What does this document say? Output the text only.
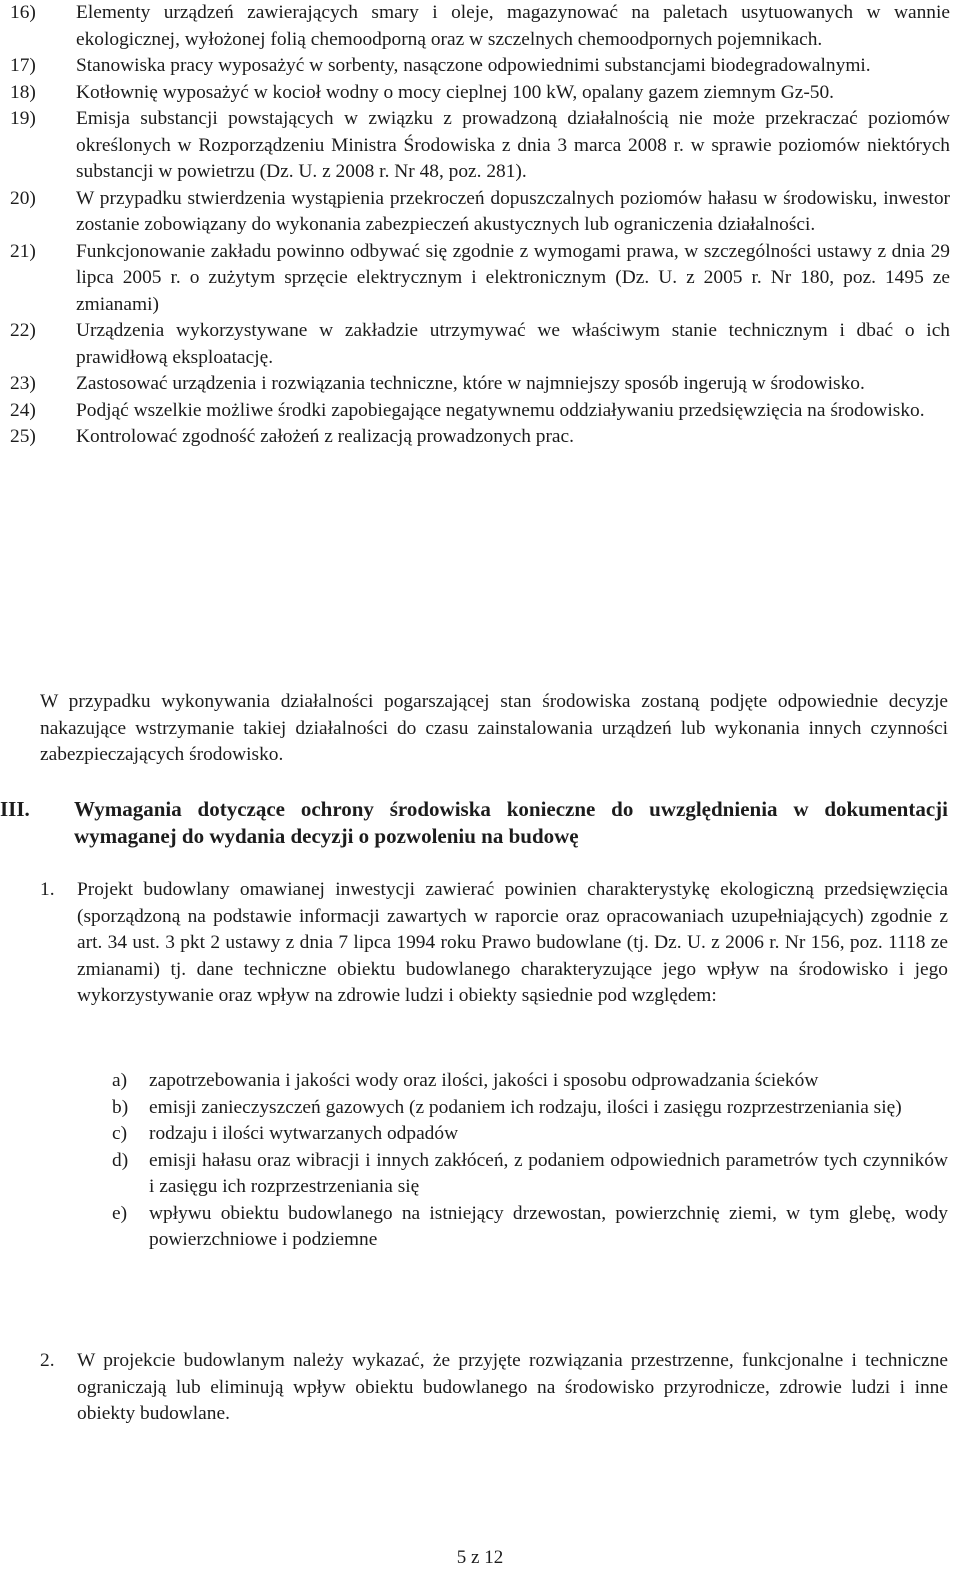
16)	Elementy urządzeń zawierających smary i oleje, magazynować na paletach usytuowanych w wannie ekologicznej, wyłożonej folią chemoodporną oraz w szczelnych chemoodpornych pojemnikach.
17)	Stanowiska pracy wyposażyć w sorbenty, nasączone odpowiednimi substancjami biodegradowalnymi.
18)	Kotłownię wyposażyć w kocioł wodny o mocy cieplnej 100 kW, opalany gazem ziemnym Gz-50.
19)	Emisja substancji powstających w związku z prowadzoną działalnością nie może przekraczać poziomów określonych w Rozporządzeniu Ministra Środowiska z dnia 3 marca 2008 r. w sprawie poziomów niektórych substancji w powietrzu (Dz. U. z 2008 r. Nr 48, poz. 281).
20)	W przypadku stwierdzenia wystąpienia przekroczeń dopuszczalnych poziomów hałasu w środowisku, inwestor zostanie zobowiązany do wykonania zabezpieczeń akustycznych lub ograniczenia działalności.
21)	Funkcjonowanie zakładu powinno odbywać się zgodnie z wymogami prawa, w szczególności ustawy z dnia 29 lipca 2005 r. o zużytym sprzęcie elektrycznym i elektronicznym (Dz. U. z 2005 r. Nr 180, poz. 1495 ze zmianami)
22)	Urządzenia wykorzystywane w zakładzie utrzymywać we właściwym stanie technicznym i dbać o ich prawidłową eksploatację.
23)	Zastosować urządzenia i rozwiązania techniczne, które w najmniejszy sposób ingerują w środowisko.
24)	Podjąć wszelkie możliwe środki zapobiegające negatywnemu oddziaływaniu przedsięwzięcia na środowisko.
25)	Kontrolować zgodność założeń z realizacją prowadzonych prac.
W przypadku wykonywania działalności pogarszającej stan środowiska zostaną podjęte odpowiednie decyzje nakazujące wstrzymanie takiej działalności do czasu zainstalowania urządzeń lub wykonania innych czynności zabezpieczających środowisko.
III.	Wymagania dotyczące ochrony środowiska konieczne do uwzględnienia w dokumentacji wymaganej do wydania decyzji o pozwoleniu na budowę
1.	Projekt budowlany omawianej inwestycji zawierać powinien charakterystykę ekologiczną przedsięwzięcia (sporządzoną na podstawie informacji zawartych w raporcie oraz opracowaniach uzupełniających) zgodnie z art. 34 ust. 3 pkt 2 ustawy z dnia 7 lipca 1994 roku Prawo budowlane (tj. Dz. U. z 2006 r. Nr 156, poz. 1118 ze zmianami) tj. dane techniczne obiektu budowlanego charakteryzujące jego wpływ na środowisko i jego wykorzystywanie oraz wpływ na zdrowie ludzi i obiekty sąsiednie pod względem:
a)	zapotrzebowania i jakości wody oraz ilości, jakości i sposobu odprowadzania ścieków
b)	emisji zanieczyszczeń gazowych (z podaniem ich rodzaju, ilości i zasięgu rozprzestrzeniania się)
c)	rodzaju i ilości wytwarzanych odpadów
d)	emisji hałasu oraz wibracji i innych zakłóceń, z podaniem odpowiednich parametrów tych czynników i zasięgu ich rozprzestrzeniania się
e)	wpływu obiektu budowlanego na istniejący drzewostan, powierzchnię ziemi, w tym glebę, wody powierzchniowe i podziemne
2.	W projekcie budowlanym należy wykazać, że przyjęte rozwiązania przestrzenne, funkcjonalne i techniczne ograniczają lub eliminują wpływ obiektu budowlanego na środowisko przyrodnicze, zdrowie ludzi i inne obiekty budowlane.
5 z 12
